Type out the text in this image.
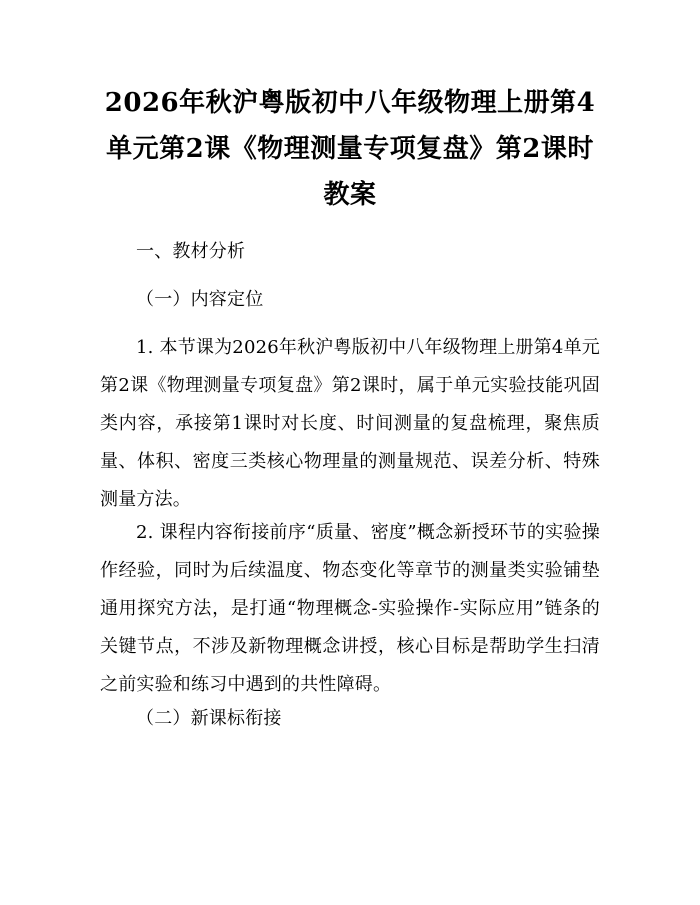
2026年秋沪粤版初中八年级物理上册第4单元第2课《物理测量专项复盘》第2课时教案

一、教材分析

（一）内容定位

1. 本节课为2026年秋沪粤版初中八年级物理上册第4单元第2课《物理测量专项复盘》第2课时，属于单元实验技能巩固类内容，承接第1课时对长度、时间测量的复盘梳理，聚焦质量、体积、密度三类核心物理量的测量规范、误差分析、特殊测量方法。

2. 课程内容衔接前序“质量、密度”概念新授环节的实验操作经验，同时为后续温度、物态变化等章节的测量类实验铺垫通用探究方法，是打通“物理概念-实验操作-实际应用”链条的关键节点，不涉及新物理概念讲授，核心目标是帮助学生扫清之前实验和练习中遇到的共性障碍。

（二）新课标衔接
